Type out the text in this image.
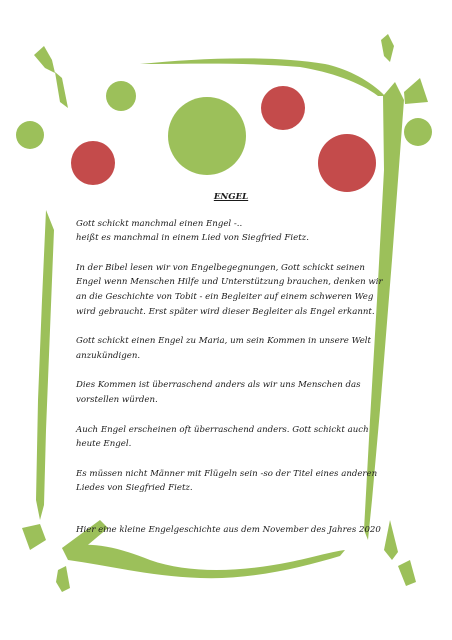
ENGEL
Gott schickt manchmal einen Engel -..
heißt es manchmal in einem Lied von Siegfried Fietz.
In der Bibel lesen wir von Engelbegegnungen, Gott schickt seinen Engel wenn Menschen Hilfe und Unterstützung brauchen, denken wir an die Geschichte von Tobit - ein Begleiter auf einem schweren Weg wird gebraucht. Erst später wird dieser Begleiter als Engel erkannt.
Gott schickt einen Engel zu Maria, um sein Kommen in unsere Welt anzukündigen.
Dies Kommen ist überraschend anders als wir uns Menschen das vorstellen würden.
Auch Engel erscheinen oft überraschend anders. Gott schickt auch heute Engel.
Es müssen nicht Männer mit Flügeln sein -so der Titel eines anderen Liedes von Siegfried Fietz.
Hier eine kleine Engelgeschichte aus dem November des Jahres 2020
